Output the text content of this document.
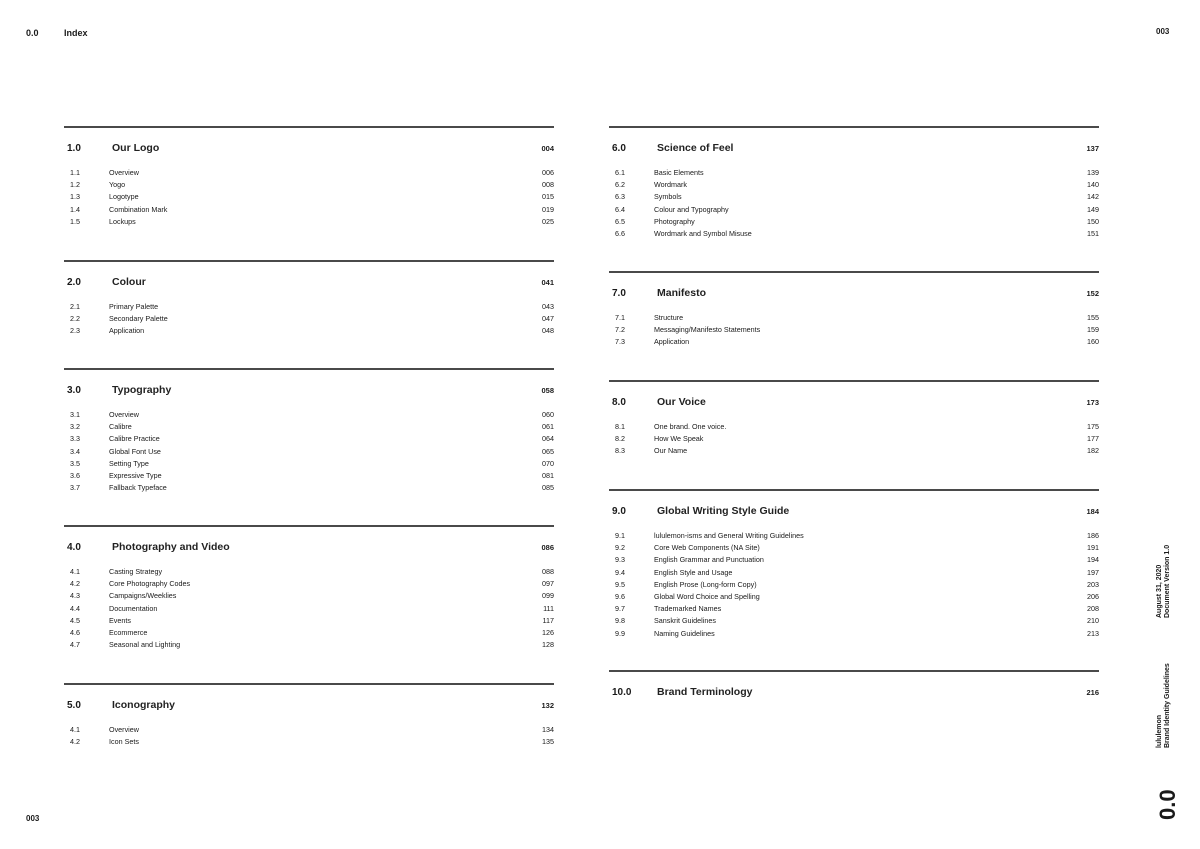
0.0	Index	003
003
1.0	Our Logo	004
1.1	Overview	006
1.2	Yogo	008
1.3	Logotype	015
1.4	Combination Mark	019
1.5	Lockups	025
2.0	Colour	041
2.1	Primary Palette	043
2.2	Secondary Palette	047
2.3	Application	048
3.0	Typography	058
3.1	Overview	060
3.2	Calibre	061
3.3	Calibre Practice	064
3.4	Global Font Use	065
3.5	Setting Type	070
3.6	Expressive Type	081
3.7	Fallback Typeface	085
4.0	Photography and Video	086
4.1	Casting Strategy	088
4.2	Core Photography Codes	097
4.3	Campaigns/Weeklies	099
4.4	Documentation	111
4.5	Events	117
4.6	Ecommerce	126
4.7	Seasonal and Lighting	128
5.0	Iconography	132
4.1	Overview	134
4.2	Icon Sets	135
6.0	Science of Feel	137
6.1	Basic Elements	139
6.2	Wordmark	140
6.3	Symbols	142
6.4	Colour and Typography	149
6.5	Photography	150
6.6	Wordmark and Symbol Misuse	151
7.0	Manifesto	152
7.1	Structure	155
7.2	Messaging/Manifesto Statements	159
7.3	Application	160
8.0	Our Voice	173
8.1	One brand. One voice.	175
8.2	How We Speak	177
8.3	Our Name	182
9.0	Global Writing Style Guide	184
9.1	lululemon-isms and General Writing Guidelines	186
9.2	Core Web Components (NA Site)	191
9.3	English Grammar and Punctuation	194
9.4	English Style and Usage	197
9.5	English Prose (Long-form Copy)	203
9.6	Global Word Choice and Spelling	206
9.7	Trademarked Names	208
9.8	Sanskrit Guidelines	210
9.9	Naming Guidelines	213
10.0	Brand Terminology	216
August 31, 2020 Document Version 1.0
lululemon Brand Identity Guidelines
0.0
